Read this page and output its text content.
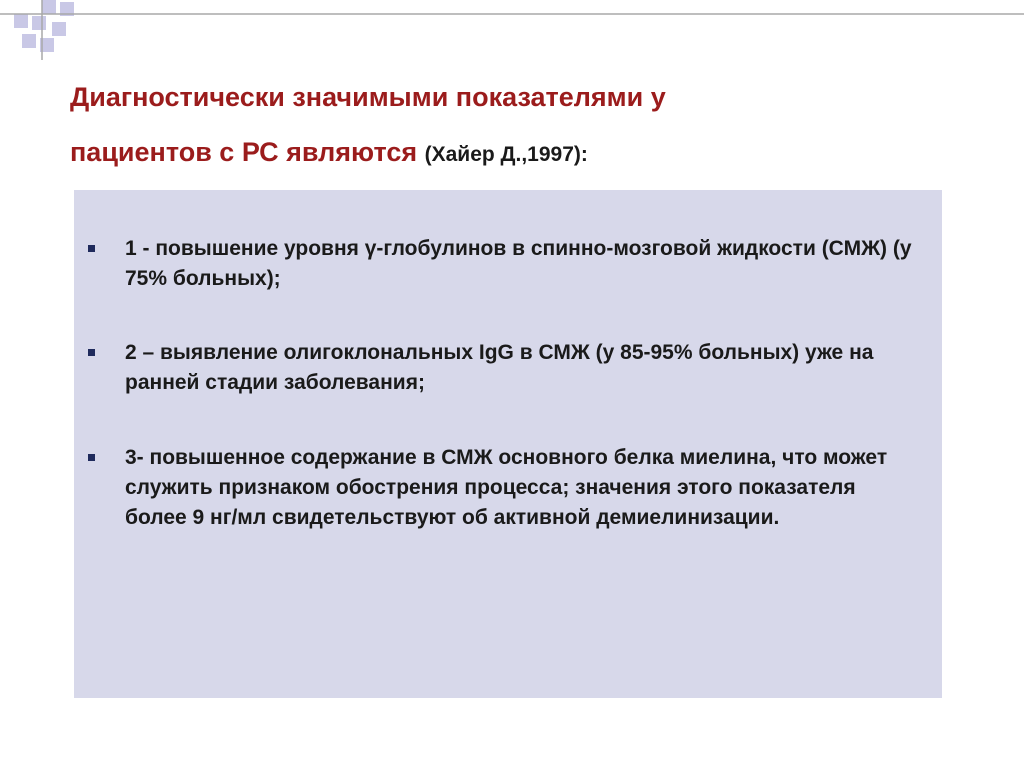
Диагностически значимыми показателями у
пациентов с РС являются (Хайер Д.,1997):
1 - повышение уровня γ-глобулинов в спинно-мозговой жидкости (СМЖ) (у 75% больных);
2 – выявление олигоклональных IgG в СМЖ (у 85-95% больных) уже на ранней стадии заболевания;
3- повышенное содержание в СМЖ основного белка миелина, что может служить признаком обострения процесса; значения этого показателя более 9 нг/мл свидетельствуют об активной демиелинизации.
